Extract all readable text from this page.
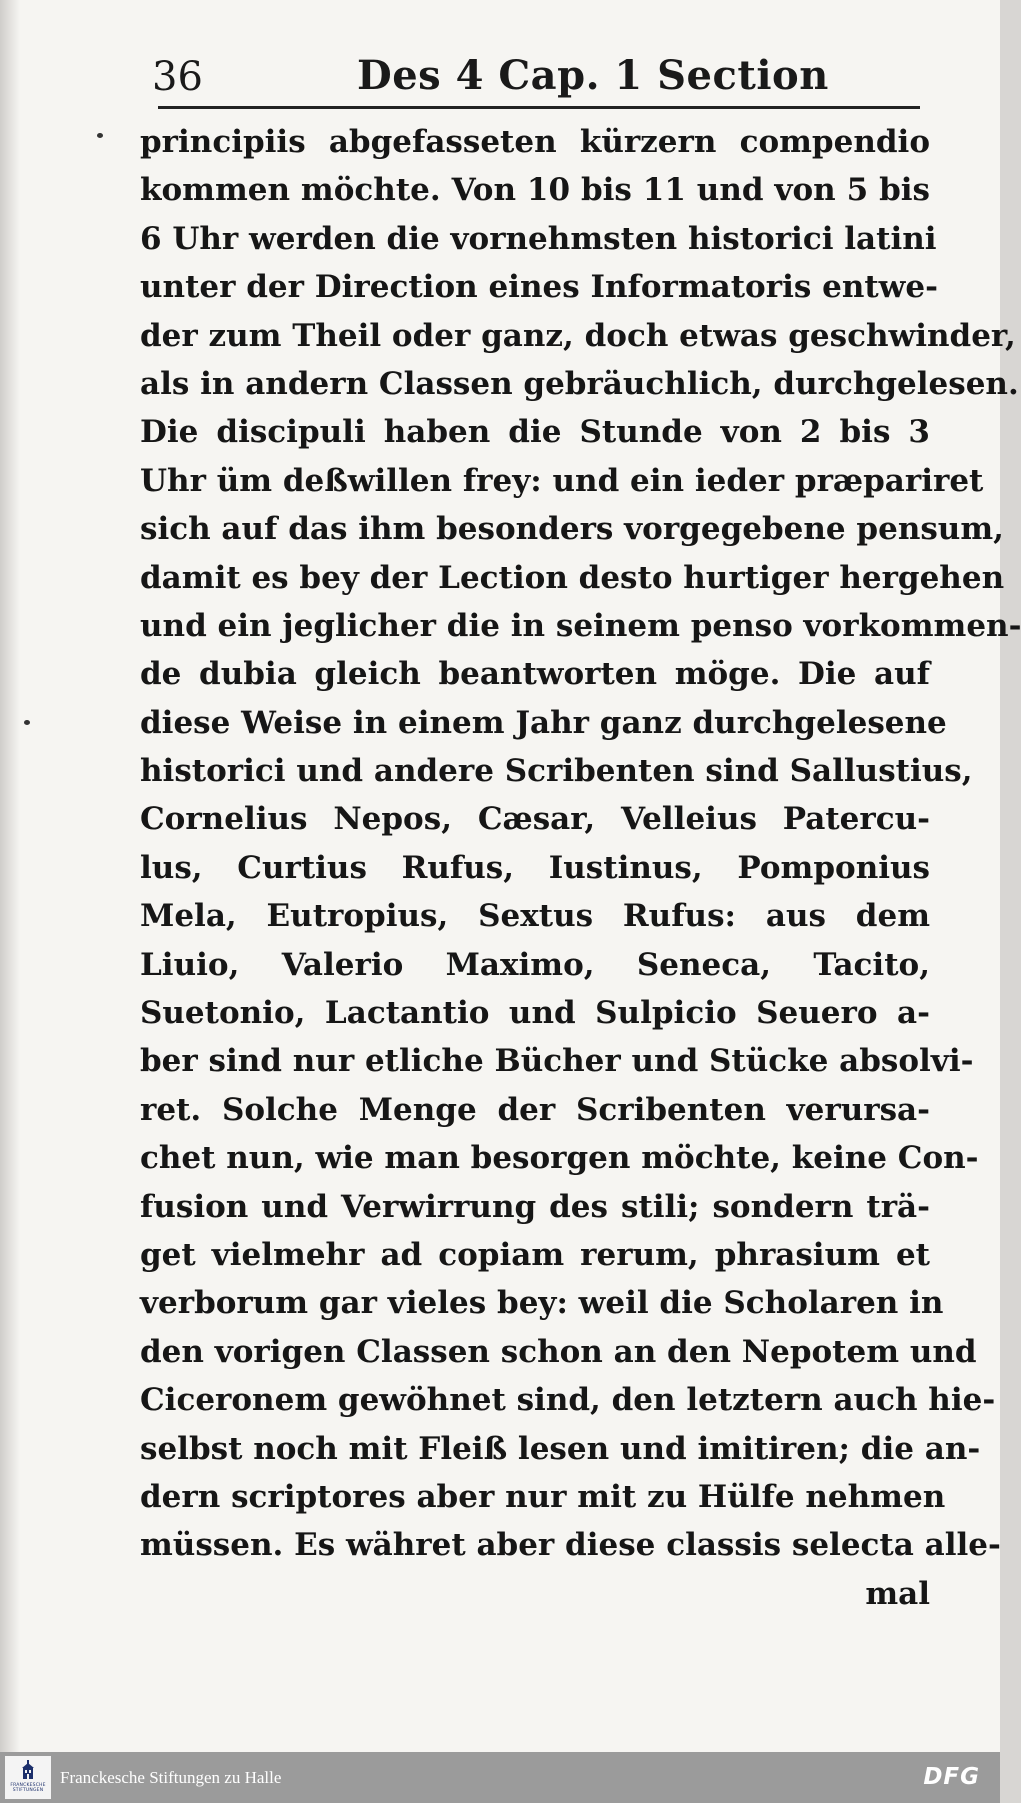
36	Des 4 Cap. 1 Section
principiis abgefasseten kürzern compendio
kommen möchte. Von 10 bis 11 und von 5 bis
6 Uhr werden die vornehmsten historici latini
unter der Direction eines Informatoris entwe-
der zum Theil oder ganz, doch etwas geschwinder,
als in andern Classen gebräuchlich, durchgelesen.
Die discipuli haben die Stunde von 2 bis 3
Uhr üm deßwillen frey: und ein ieder præpariret
sich auf das ihm besonders vorgegebene pensum,
damit es bey der Lection desto hurtiger hergehen
und ein jeglicher die in seinem penso vorkommen-
de dubia gleich beantworten möge. Die auf
diese Weise in einem Jahr ganz durchgelesene
historici und andere Scribenten sind Sallustius,
Cornelius Nepos, Cæsar, Velleius Patercu-
lus, Curtius Rufus, Iustinus, Pomponius
Mela, Eutropius, Sextus Rufus: aus dem
Liuio, Valerio Maximo, Seneca, Tacito,
Suetonio, Lactantio und Sulpicio Seuero a-
ber sind nur etliche Bücher und Stücke absolvi-
ret. Solche Menge der Scribenten verursa-
chet nun, wie man besorgen möchte, keine Con-
fusion und Verwirrung des stili; sondern trä-
get vielmehr ad copiam rerum, phrasium et
verborum gar vieles bey: weil die Scholaren in
den vorigen Classen schon an den Nepotem und
Ciceronem gewöhnet sind, den letztern auch hie-
selbst noch mit Fleiß lesen und imitiren; die an-
dern scriptores aber nur mit zu Hülfe nehmen
müssen. Es währet aber diese classis selecta alle-
mal
FRANCKESCHE STIFTUNGEN
Franckesche Stiftungen zu Halle	DFG
